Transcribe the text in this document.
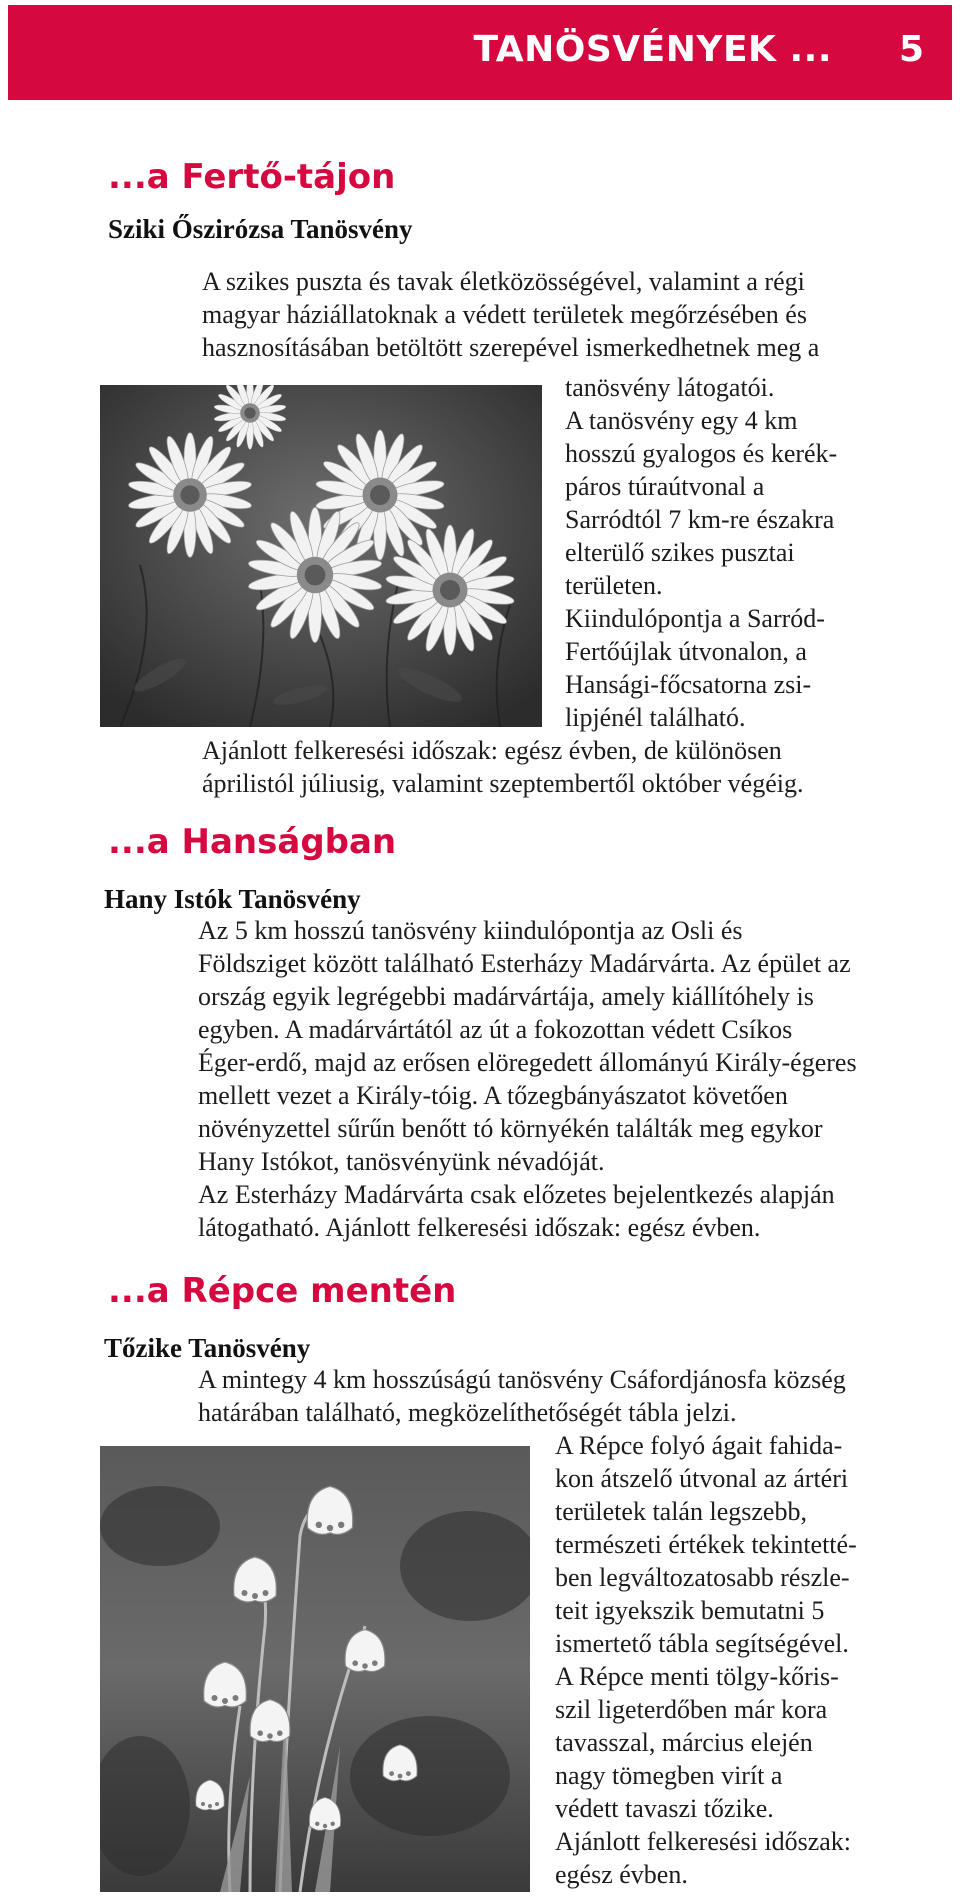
TANÖSVÉNYEK ... 5
...a Fertő-tájon
Sziki Őszirózsa Tanösvény
A szikes puszta és tavak életközösségével, valamint a régi
magyar háziállatoknak a védett területek megőrzésében és
hasznosításában betöltött szerepével ismerkedhetnek meg a
tanösvény látogatói.
A tanösvény egy 4 km
hosszú gyalogos és kerék-
páros túraútvonal a
Sarródtól 7 km-re északra
elterülő szikes pusztai
területen.
Kiindulópontja a Sarród-
Fertőújlak útvonalon, a
Hansági-főcsatorna zsi-
lipjénél található.
Ajánlott felkeresési időszak: egész évben, de különösen
áprilistól júliusig, valamint szeptembertől október végéig.
...a Hanságban
Hany Istók Tanösvény
Az 5 km hosszú tanösvény kiindulópontja az Osli és
Földsziget között található Esterházy Madárvárta. Az épület az
ország egyik legrégebbi madárvártája, amely kiállítóhely is
egyben. A madárvártától az út a fokozottan védett Csíkos
Éger-erdő, majd az erősen elöregedett állományú Király-égeres
mellett vezet a Király-tóig. A tőzegbányászatot követően
növényzettel sűrűn benőtt tó környékén találták meg egykor
Hany Istókot, tanösvényünk névadóját.
Az Esterházy Madárvárta csak előzetes bejelentkezés alapján
látogatható. Ajánlott felkeresési időszak: egész évben.
...a Répce mentén
Tőzike Tanösvény
A mintegy 4 km hosszúságú tanösvény Csáfordjánosfa község
határában található, megközelíthetőségét tábla jelzi.
A Répce folyó ágait fahida-
kon átszelő útvonal az ártéri
területek talán legszebb,
természeti értékek tekintetté-
ben legváltozatosabb részle-
teit igyekszik bemutatni 5
ismertető tábla segítségével.
A Répce menti tölgy-kőris-
szil ligeterdőben már kora
tavasszal, március elején
nagy tömegben virít a
védett tavaszi tőzike.
Ajánlott felkeresési időszak:
egész évben.
